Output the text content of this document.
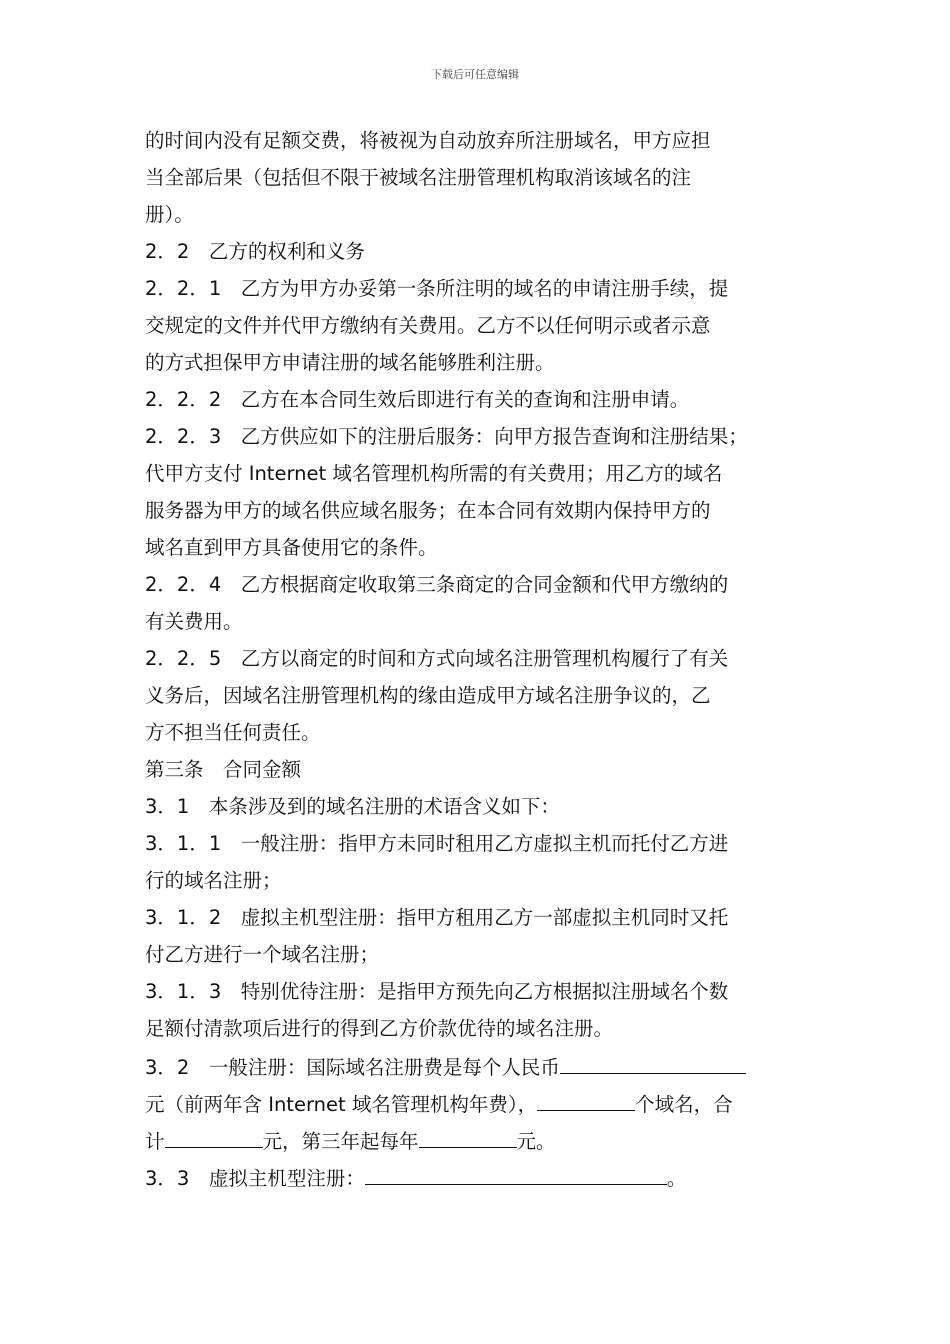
下载后可任意编辑
的时间内没有足额交费，将被视为自动放弃所注册域名，甲方应担
当全部后果（包括但不限于被域名注册管理机构取消该域名的注
册）。
2．2　乙方的权利和义务
2．2．1　乙方为甲方办妥第一条所注明的域名的申请注册手续，提
交规定的文件并代甲方缴纳有关费用。乙方不以任何明示或者示意
的方式担保甲方申请注册的域名能够胜利注册。
2．2．2　乙方在本合同生效后即进行有关的查询和注册申请。
2．2．3　乙方供应如下的注册后服务：向甲方报告查询和注册结果；
代甲方支付 Internet 域名管理机构所需的有关费用；用乙方的域名
服务器为甲方的域名供应域名服务；在本合同有效期内保持甲方的
域名直到甲方具备使用它的条件。
2．2．4　乙方根据商定收取第三条商定的合同金额和代甲方缴纳的
有关费用。
2．2．5　乙方以商定的时间和方式向域名注册管理机构履行了有关
义务后，因域名注册管理机构的缘由造成甲方域名注册争议的，乙
方不担当任何责任。
第三条　合同金额
3．1　本条涉及到的域名注册的术语含义如下：
3．1．1　一般注册：指甲方未同时租用乙方虚拟主机而托付乙方进
行的域名注册；
3．1．2　虚拟主机型注册：指甲方租用乙方一部虚拟主机同时又托
付乙方进行一个域名注册；
3．1．3　特别优待注册：是指甲方预先向乙方根据拟注册域名个数
足额付清款项后进行的得到乙方价款优待的域名注册。
3．2　一般注册：国际域名注册费是每个人民币
元（前两年含 Internet 域名管理机构年费），	个域名，合
计	元，第三年起每年	元。
3．3　虚拟主机型注册：	。
